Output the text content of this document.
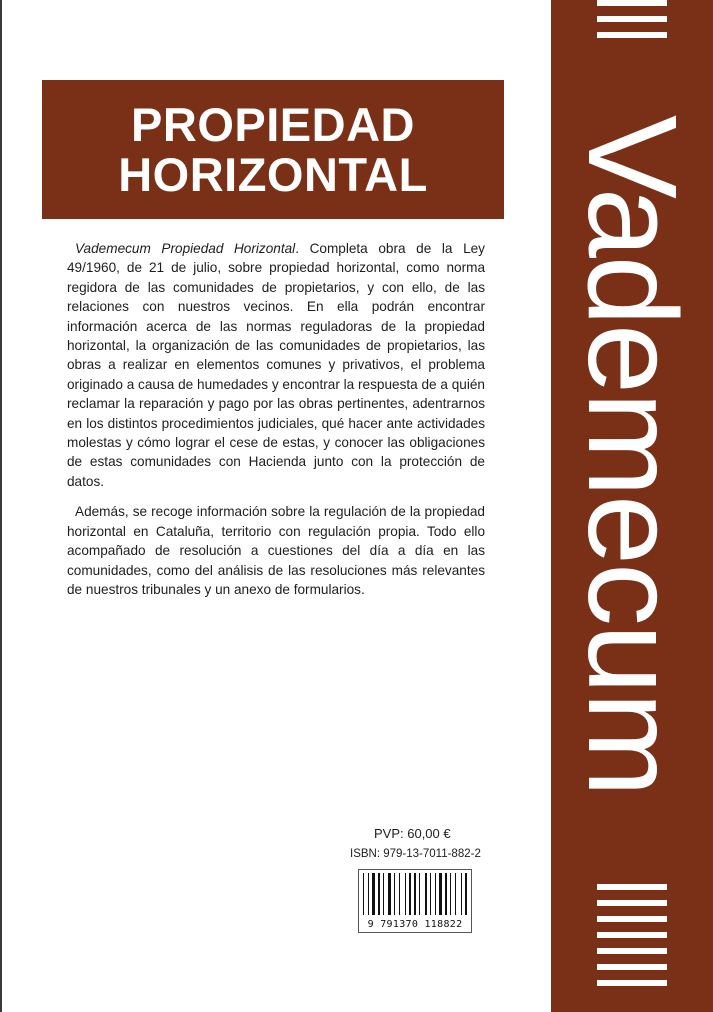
PROPIEDAD
HORIZONTAL

Vademecum Propiedad Horizontal. Completa obra de la Ley 49/1960, de 21 de julio, sobre propiedad horizontal, como norma regidora de las comunidades de propietarios, y con ello, de las relaciones con nuestros vecinos. En ella podrán encontrar información acerca de las normas reguladoras de la propiedad horizontal, la organización de las comunidades de propietarios, las obras a realizar en elementos comunes y privativos, el problema originado a causa de humedades y encontrar la respuesta de a quién reclamar la reparación y pago por las obras pertinentes, adentrarnos en los distintos procedimientos judiciales, qué hacer ante actividades molestas y cómo lograr el cese de estas, y conocer las obligaciones de estas comunidades con Hacienda junto con la protección de datos.

Además, se recoge información sobre la regulación de la propiedad horizontal en Cataluña, territorio con regulación propia. Todo ello acompañado de resolución a cuestiones del día a día en las comunidades, como del análisis de las resoluciones más relevantes de nuestros tribunales y un anexo de formularios.

PVP: 60,00 €
ISBN: 979-13-7011-882-2
9 791370 118822
Vademecum
